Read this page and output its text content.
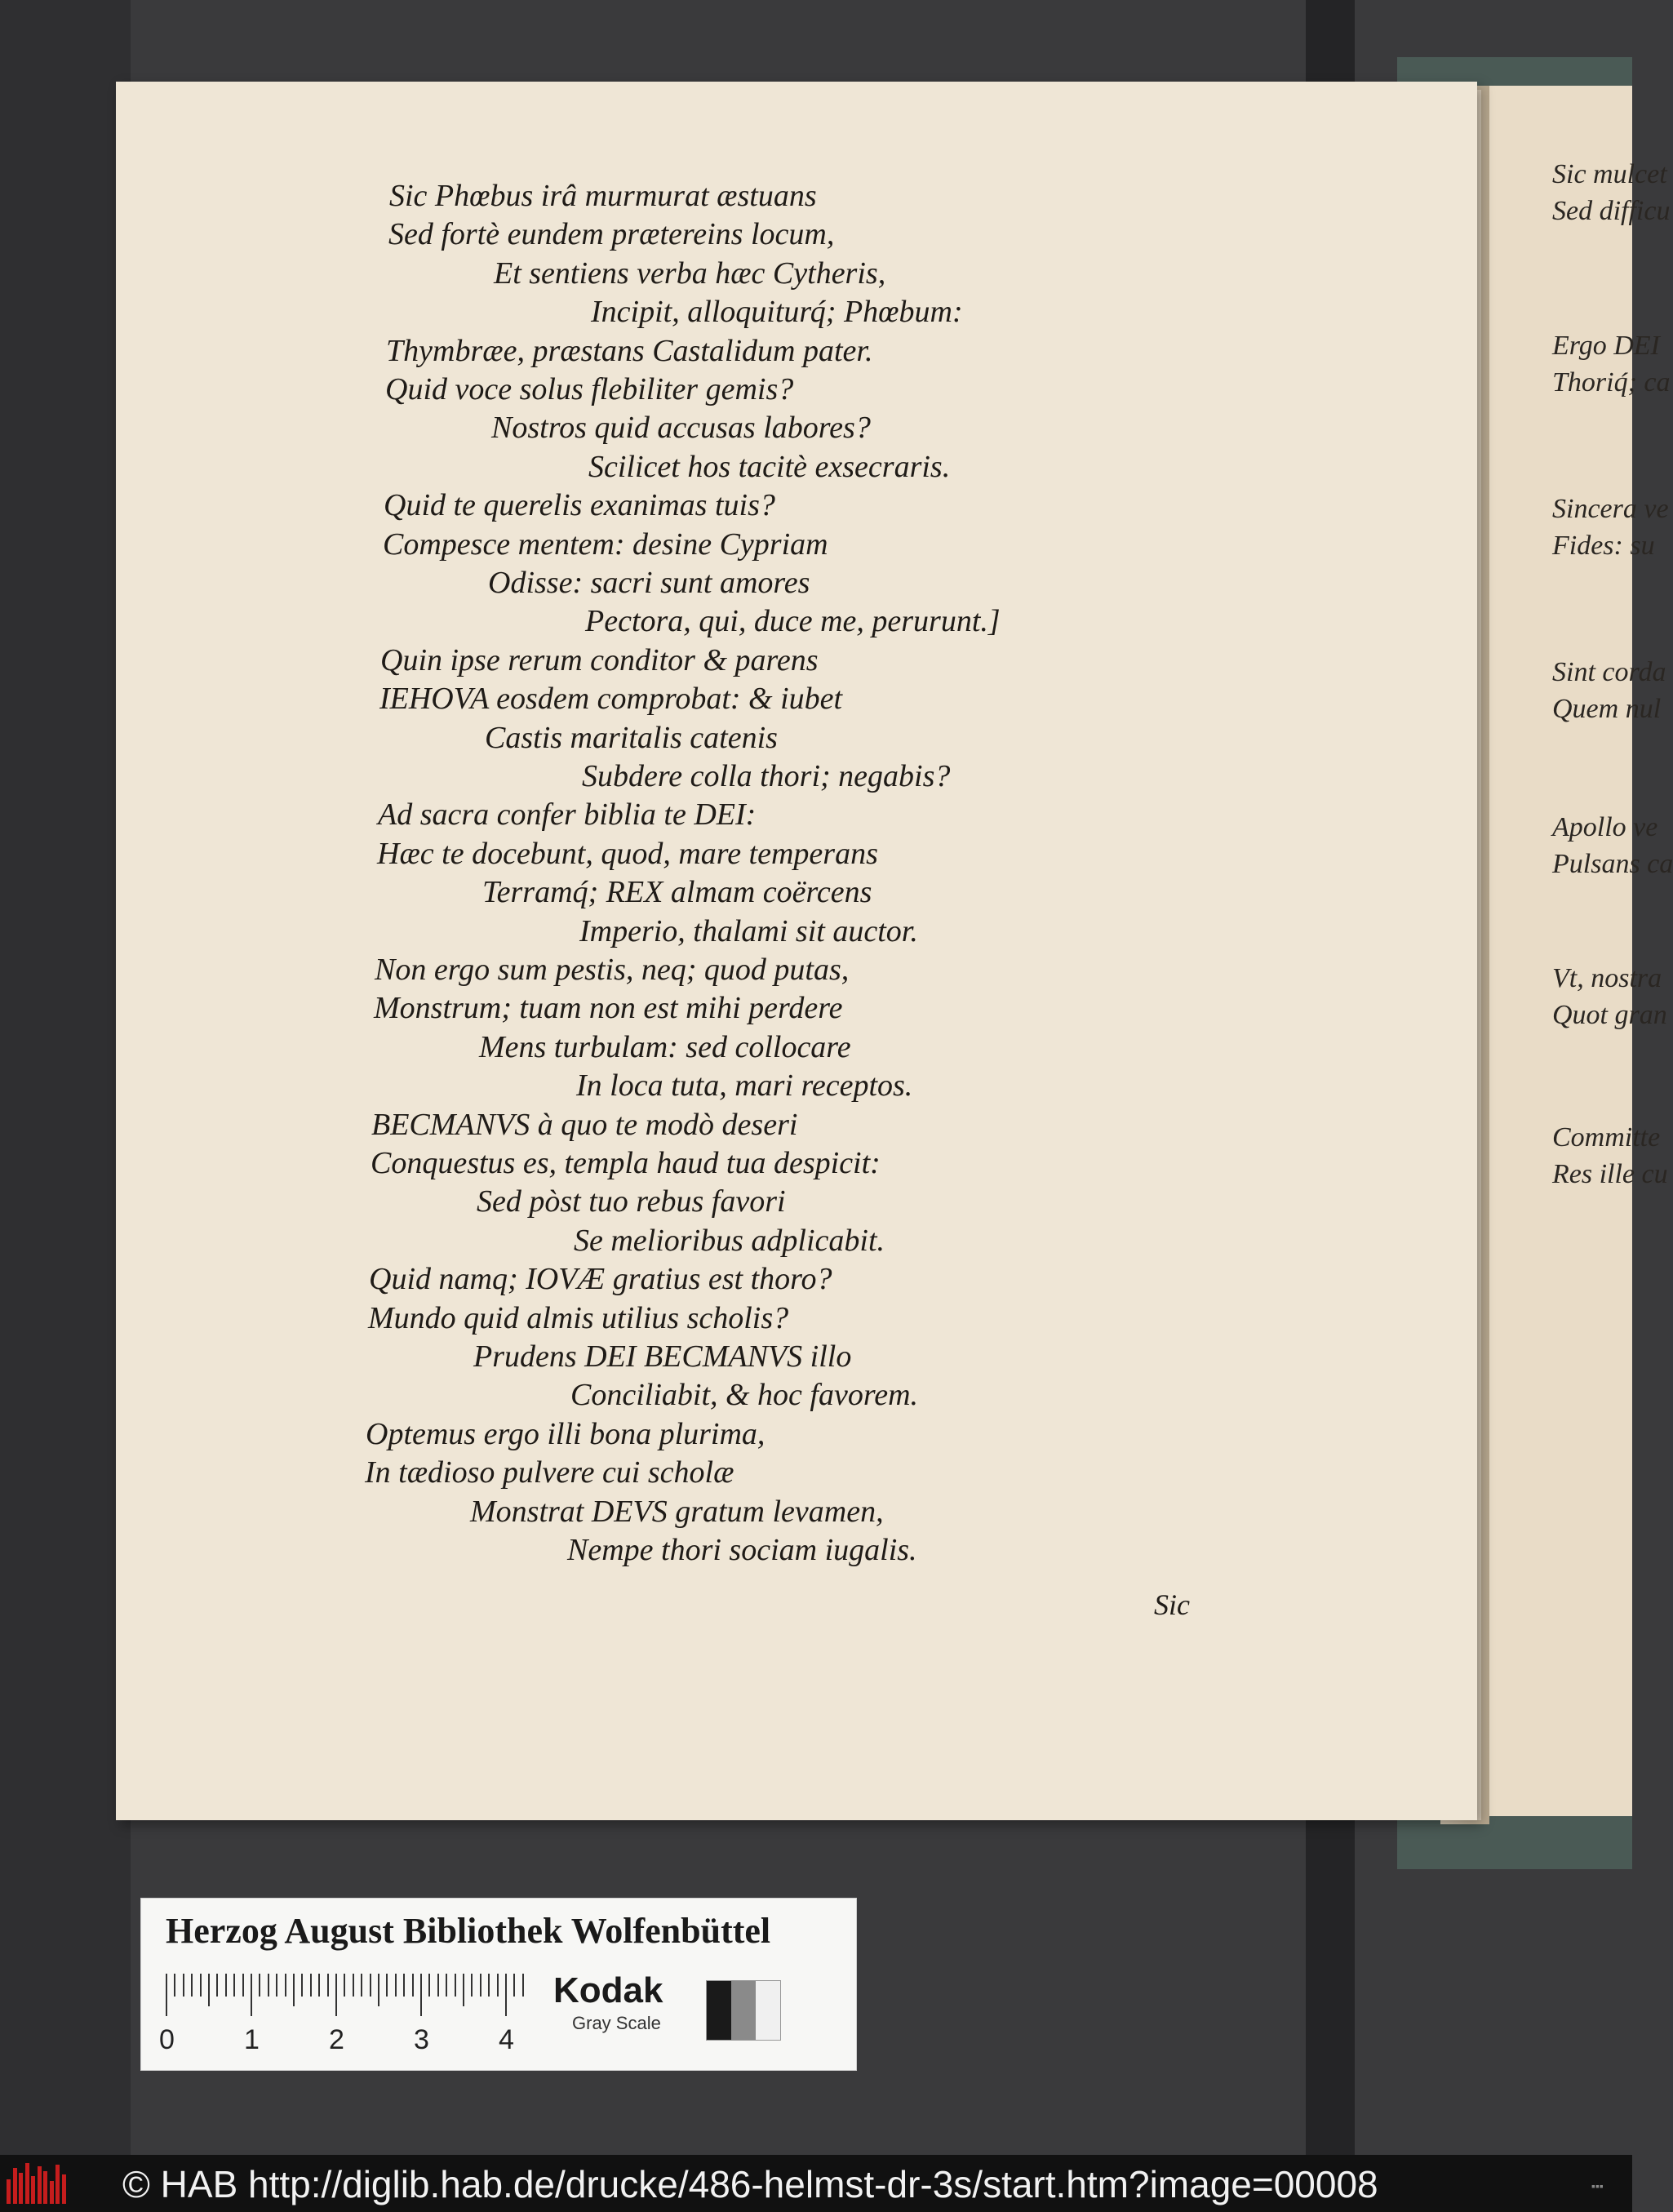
Sic mulcet
Sed difficu
Ergo DEI
Thoriq́; ca
Sincera ve
Fides: su
Sint corda
Quem nul
Apollo ve
Pulsans ca
Vt, nostra
Quot gran
Committe
Res ille cu
Sic Phœbus irâ murmurat æstuans
Sed fortè eundem prætereins locum,
Et sentiens verba hæc Cytheris,
Incipit, alloquiturq́; Phœbum:
Thymbræe, præstans Castalidum pater.
Quid voce solus flebiliter gemis?
Nostros quid accusas labores?
Scilicet hos tacitè exsecraris.
Quid te querelis exanimas tuis?
Compesce mentem: desine Cypriam
Odisse: sacri sunt amores
Pectora, qui, duce me, perurunt.]
Quin ipse rerum conditor & parens
IEHOVA eosdem comprobat: & iubet
Castis maritalis catenis
Subdere colla thori; negabis?
Ad sacra confer biblia te DEI:
Hæc te docebunt, quod, mare temperans
Terramq́; REX almam coërcens
Imperio, thalami sit auctor.
Non ergo sum pestis, neq; quod putas,
Monstrum; tuam non est mihi perdere
Mens turbulam: sed collocare
In loca tuta, mari receptos.
BECMANVS à quo te modò deseri
Conquestus es, templa haud tua despicit:
Sed pòst tuo rebus favori
Se melioribus adplicabit.
Quid namq; IOVÆ gratius est thoro?
Mundo quid almis utilius scholis?
Prudens DEI BECMANVS illo
Conciliabit, & hoc favorem.
Optemus ergo illi bona plurima,
In tædioso pulvere cui scholæ
Monstrat DEVS gratum levamen,
Nempe thori sociam iugalis.
Sic
Herzog August Bibliothek Wolfenbüttel
0	1	2	3	4
Kodak
Gray Scale
© HAB http://diglib.hab.de/drucke/486-helmst-dr-3s/start.htm?image=00008	▪▪▪
